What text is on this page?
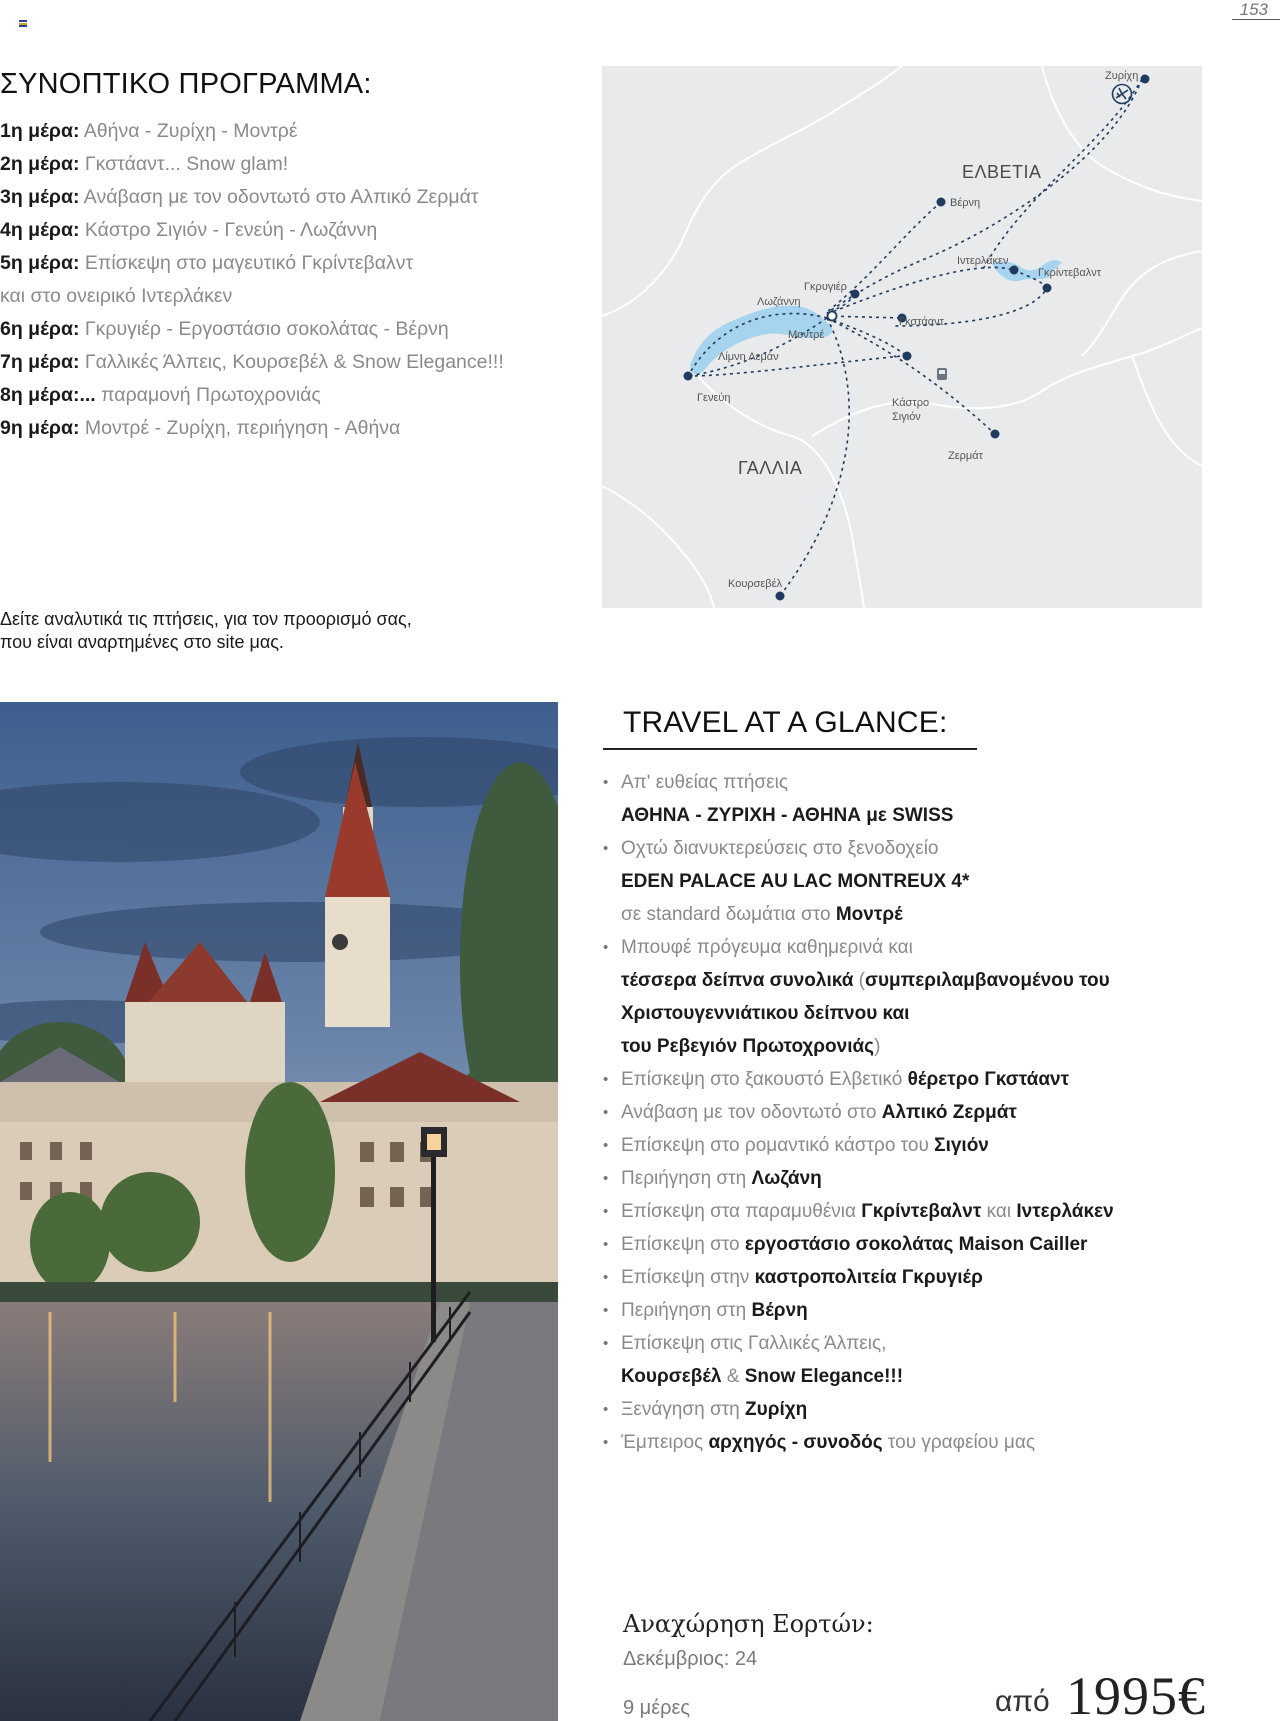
153
ΣΥΝΟΠΤΙΚΟ ΠΡΟΓΡΑΜΜΑ:
1η μέρα: Αθήνα - Ζυρίχη - Μοντρέ
2η μέρα: Γκστάαντ... Snow glam!
3η μέρα: Ανάβαση με τον οδοντωτό στο Αλπικό Ζερμάτ
4η μέρα: Κάστρο Σιγιόν - Γενεύη - Λωζάννη
5η μέρα: Επίσκεψη στο μαγευτικό Γκρίντεβαλντ
και στο ονειρικό Ιντερλάκεν
6η μέρα: Γκρυγιέρ - Εργοστάσιο σοκολάτας - Βέρνη
7η μέρα: Γαλλικές Άλπεις, Κουρσεβέλ & Snow Elegance!!!
8η μέρα:... παραμονή Πρωτοχρονιάς
9η μέρα: Μοντρέ - Ζυρίχη, περιήγηση - Αθήνα
Δείτε αναλυτικά τις πτήσεις, για τον προορισμό σας,
που είναι αναρτημένες στο site μας.
ΕΛΒΕΤΙΑ
ΓΑΛΛΙΑ
Ζυρίχη
Βέρνη
Ιντερλάκεν
Γκρίντεβαλντ
Γκρυγιέρ
Λωζάννη
Γκστάαντ
Μοντρέ
Λίμνη Λεμάν
Γενεύη	Κάστρο
Σιγιόν
Ζερμάτ
Κουρσεβέλ
TRAVEL AT A GLANCE:
• Απ' ευθείας πτήσεις
ΑΘΗΝΑ - ΖΥΡΙΧΗ - ΑΘΗΝΑ με SWISS
• Οχτώ διανυκτερεύσεις στο ξενοδοχείο
EDEN PALACE AU LAC MONTREUX 4*
σε standard δωμάτια στο Μοντρέ
• Μπουφέ πρόγευμα καθημερινά και
τέσσερα δείπνα συνολικά (συμπεριλαμβανομένου του
Χριστουγεννιάτικου δείπνου και
του Ρεβεγιόν Πρωτοχρονιάς)
• Επίσκεψη στο ξακουστό Ελβετικό θέρετρο Γκστάαντ
• Ανάβαση με τον οδοντωτό στο Αλπικό Ζερμάτ
• Επίσκεψη στο ρομαντικό κάστρο του Σιγιόν
• Περιήγηση στη Λωζάνη
• Επίσκεψη στα παραμυθένια Γκρίντεβαλντ και Ιντερλάκεν
• Επίσκεψη στο εργοστάσιο σοκολάτας Maison Cailler
• Επίσκεψη στην καστροπολιτεία Γκρυγιέρ
• Περιήγηση στη Βέρνη
• Επίσκεψη στις Γαλλικές Άλπεις,
Κουρσεβέλ & Snow Elegance!!!
• Ξενάγηση στη Ζυρίχη
• Έμπειρος αρχηγός - συνοδός του γραφείου μας
Αναχώρηση Εορτών:
Δεκέμβριος: 24
9 μέρες	από 1995€
